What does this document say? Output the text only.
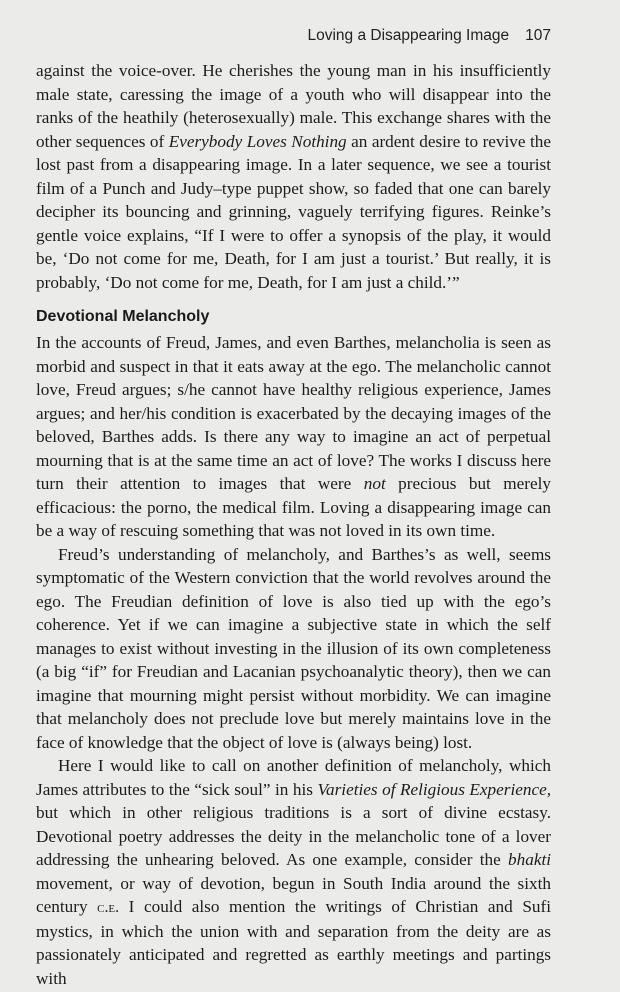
Loving a Disappearing Image 107

against the voice-over. He cherishes the young man in his insufficiently male state, caressing the image of a youth who will disappear into the ranks of the heathily (heterosexually) male. This exchange shares with the other sequences of Everybody Loves Nothing an ardent desire to revive the lost past from a disappearing image. In a later sequence, we see a tourist film of a Punch and Judy–type puppet show, so faded that one can barely decipher its bouncing and grinning, vaguely terrifying figures. Reinke’s gentle voice explains, “If I were to offer a synopsis of the play, it would be, ‘Do not come for me, Death, for I am just a tourist.’ But really, it is probably, ‘Do not come for me, Death, for I am just a child.’”

Devotional Melancholy

In the accounts of Freud, James, and even Barthes, melancholia is seen as morbid and suspect in that it eats away at the ego. The melancholic cannot love, Freud argues; s/he cannot have healthy religious experience, James argues; and her/his condition is exacerbated by the decaying images of the beloved, Barthes adds. Is there any way to imagine an act of perpetual mourning that is at the same time an act of love? The works I discuss here turn their attention to images that were not precious but merely efficacious: the porno, the medical film. Loving a disappearing image can be a way of rescuing something that was not loved in its own time.

Freud’s understanding of melancholy, and Barthes’s as well, seems symptomatic of the Western conviction that the world revolves around the ego. The Freudian definition of love is also tied up with the ego’s coherence. Yet if we can imagine a subjective state in which the self manages to exist without investing in the illusion of its own completeness (a big “if” for Freudian and Lacanian psychoanalytic theory), then we can imagine that mourning might persist without morbidity. We can imagine that melancholy does not preclude love but merely maintains love in the face of knowledge that the object of love is (always being) lost.

Here I would like to call on another definition of melancholy, which James attributes to the “sick soul” in his Varieties of Religious Experience, but which in other religious traditions is a sort of divine ecstasy. Devotional poetry addresses the deity in the melancholic tone of a lover addressing the unhearing beloved. As one example, consider the bhakti movement, or way of devotion, begun in South India around the sixth century c.e. I could also mention the writings of Christian and Sufi mystics, in which the union with and separation from the deity are as passionately anticipated and regretted as earthly meetings and partings with
